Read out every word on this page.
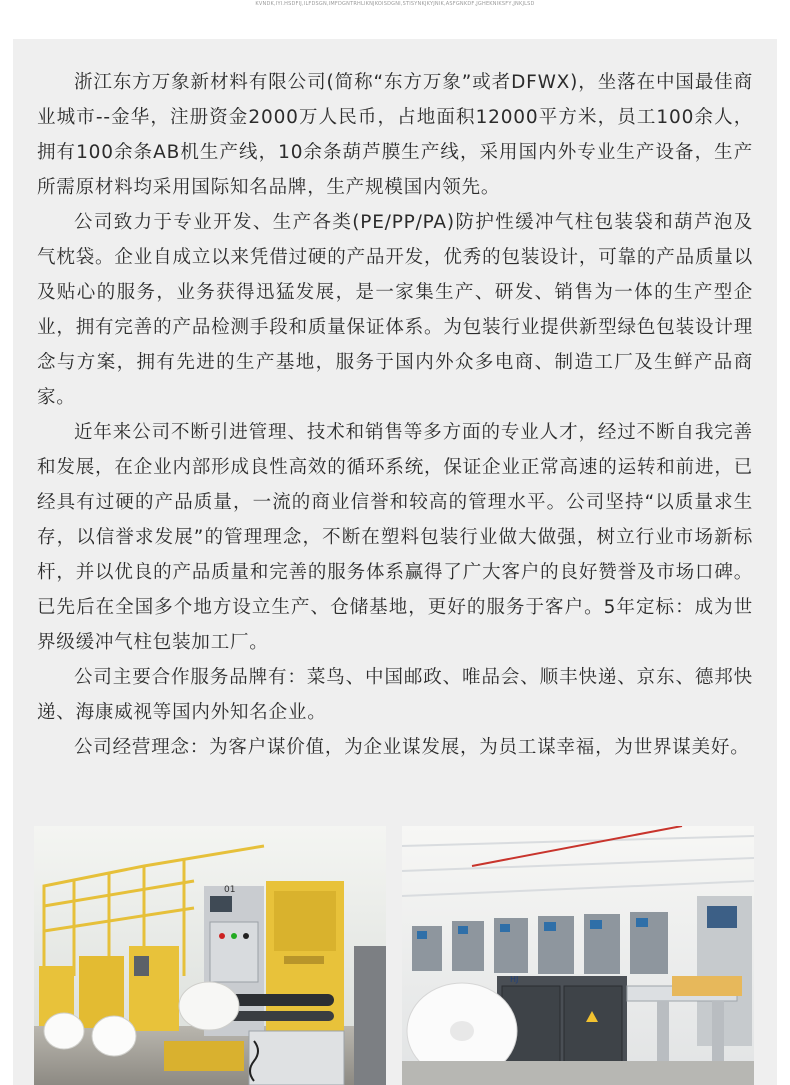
KVNDK,IYI.HSDFIJ,ILFDSGN,IMFDGNTRHLIKNJKOISDGNI,STISYNKJKYJNIK,ASFGNKDF,JGHEKNIKSFY,JNKJLSD

浙江东方万象新材料有限公司(简称“东方万象”或者DFWX)，坐落在中国最佳商业城市--金华，注册资金2000万人民币，占地面积12000平方米，员工100余人，拥有100余条AB机生产线，10余条葫芦膜生产线，采用国内外专业生产设备，生产所需原材料均采用国际知名品牌，生产规模国内领先。

公司致力于专业开发、生产各类(PE/PP/PA)防护性缓冲气柱包装袋和葫芦泡及气枕袋。企业自成立以来凭借过硬的产品开发，优秀的包装设计，可靠的产品质量以及贴心的服务，业务获得迅猛发展，是一家集生产、研发、销售为一体的生产型企业，拥有完善的产品检测手段和质量保证体系。为包装行业提供新型绿色包装设计理念与方案，拥有先进的生产基地，服务于国内外众多电商、制造工厂及生鲜产品商家。

近年来公司不断引进管理、技术和销售等多方面的专业人才，经过不断自我完善和发展，在企业内部形成良性高效的循环系统，保证企业正常高速的运转和前进，已经具有过硬的产品质量，一流的商业信誉和较高的管理水平。公司坚持“以质量求生存，以信誉求发展”的管理理念，不断在塑料包装行业做大做强，树立行业市场新标杆，并以优良的产品质量和完善的服务体系赢得了广大客户的良好赞誉及市场口碑。已先后在全国多个地方设立生产、仓储基地，更好的服务于客户。5年定标：成为世界级缓冲气柱包装加工厂。

公司主要合作服务品牌有：菜鸟、中国邮政、唯品会、顺丰快递、京东、德邦快递、海康威视等国内外知名企业。

公司经营理念：为客户谋价值，为企业谋发展，为员工谋幸福，为世界谋美好。

01
HJ
